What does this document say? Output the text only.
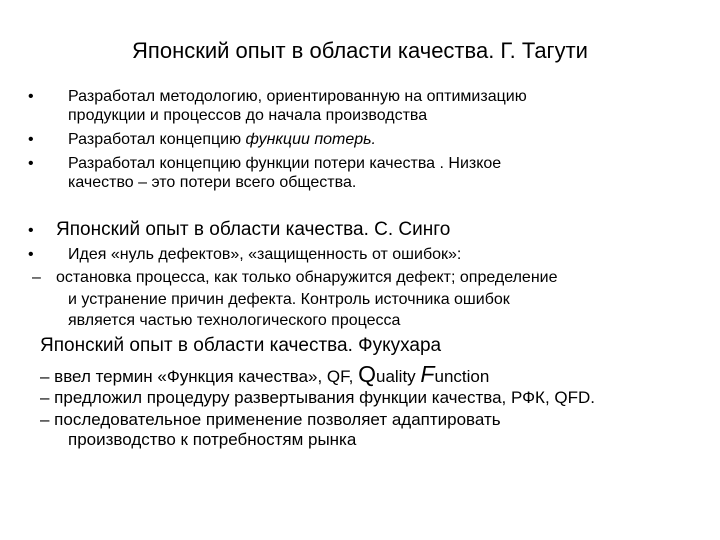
Японский опыт в области качества. Г. Тагути
• Разработал методологию, ориентированную на оптимизацию
продукции и процессов до начала производства
• Разработал концепцию функции потерь.
• Разработал концепцию функции потери качества . Низкое
качество – это потери всего общества.
• Японский опыт в области качества. С. Синго
• Идея «нуль дефектов», «защищенность от ошибок»:
– остановка процесса, как только обнаружится дефект; определение
и устранение причин дефекта. Контроль источника ошибок
является частью технологического процесса
Японский опыт в области качества. Фукухара
– ввел термин «Функция качества», QF, Quality Function
– предложил процедуру развертывания функции качества, РФК, QFD.
– последовательное применение позволяет адаптировать
производство к потребностям рынка
